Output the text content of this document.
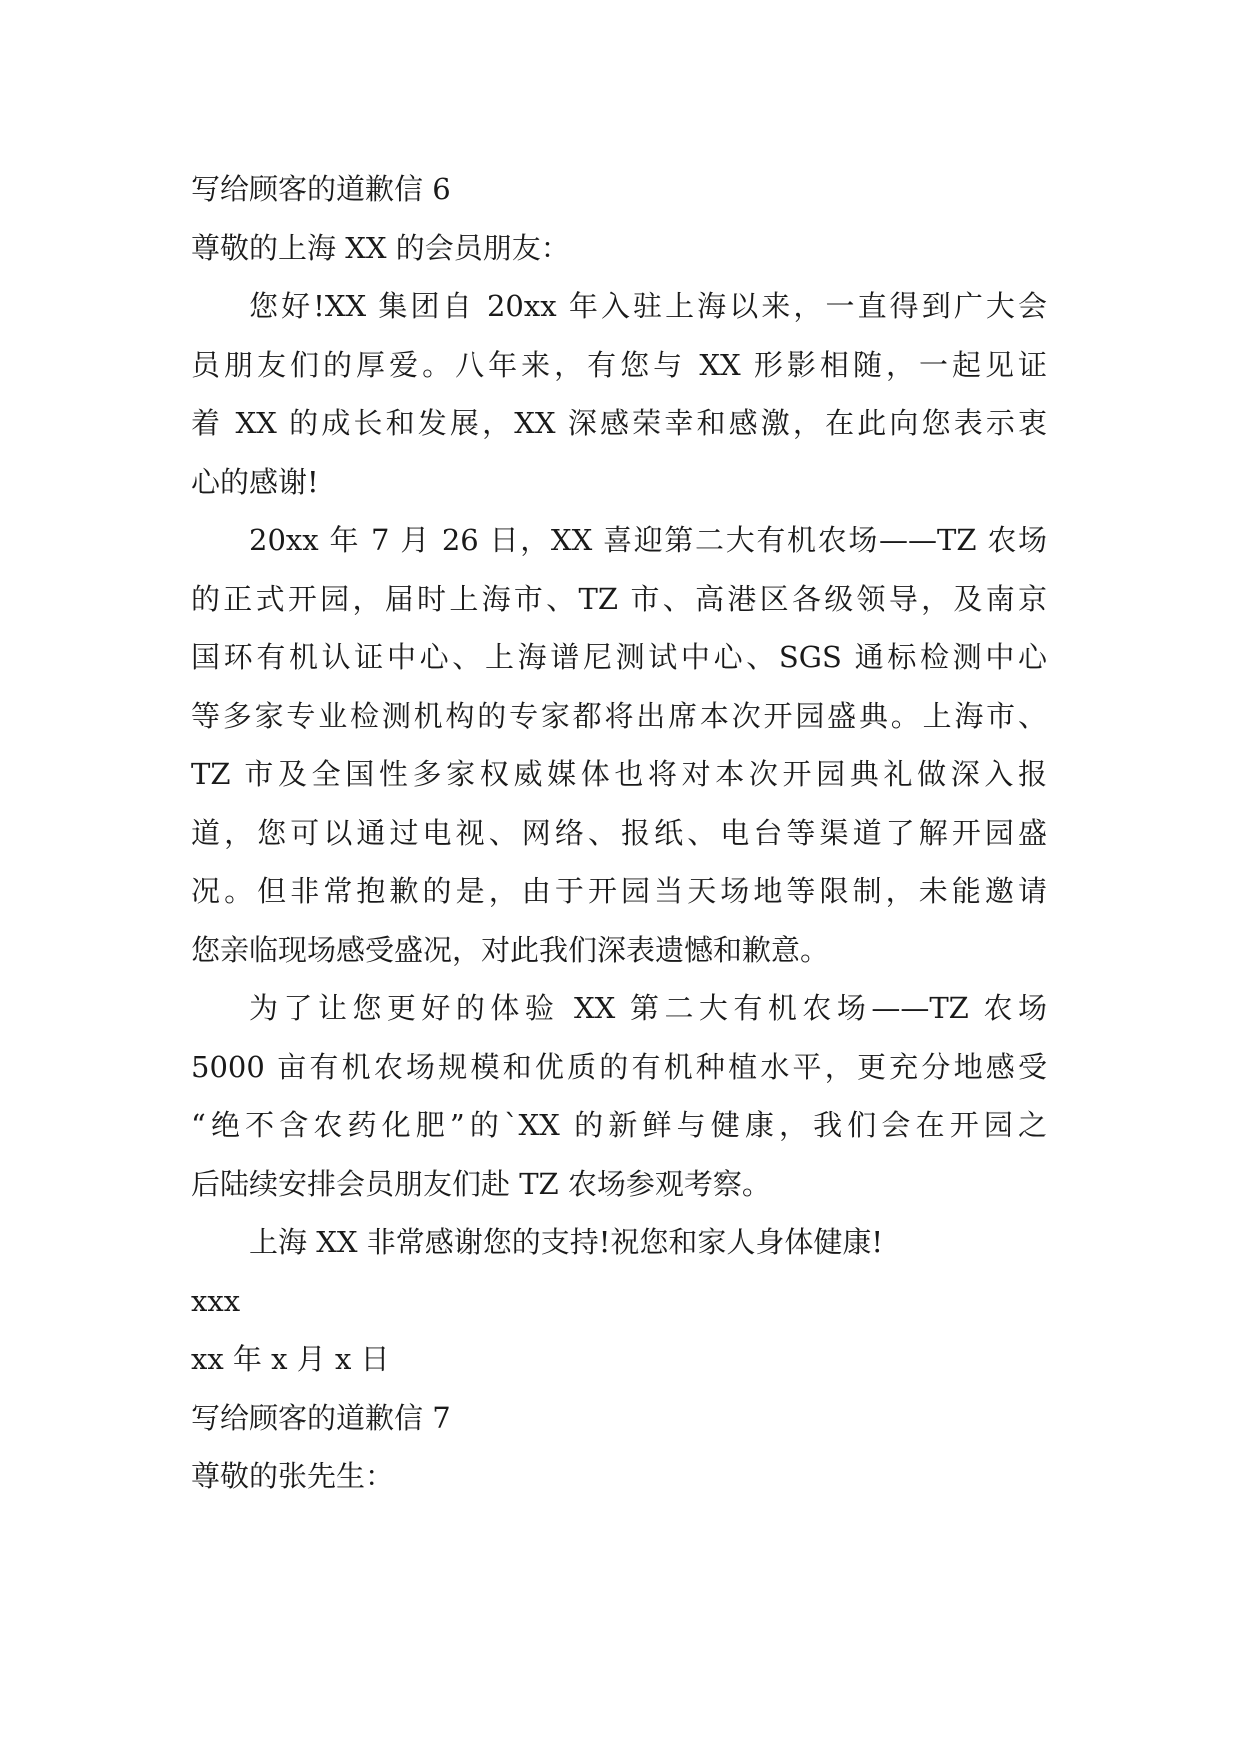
写给顾客的道歉信 6
尊敬的上海 XX 的会员朋友：
您好!XX 集团自 20xx 年入驻上海以来，一直得到广大会
员朋友们的厚爱。八年来，有您与 XX 形影相随，一起见证
着 XX 的成长和发展，XX 深感荣幸和感激，在此向您表示衷
心的感谢!
20xx 年 7 月 26 日，XX 喜迎第二大有机农场——TZ 农场
的正式开园，届时上海市、TZ 市、高港区各级领导，及南京
国环有机认证中心、上海谱尼测试中心、SGS 通标检测中心
等多家专业检测机构的专家都将出席本次开园盛典。上海市、
TZ 市及全国性多家权威媒体也将对本次开园典礼做深入报
道，您可以通过电视、网络、报纸、电台等渠道了解开园盛
况。但非常抱歉的是，由于开园当天场地等限制，未能邀请
您亲临现场感受盛况，对此我们深表遗憾和歉意。
为了让您更好的体验 XX 第二大有机农场——TZ 农场
5000 亩有机农场规模和优质的有机种植水平，更充分地感受
“绝不含农药化肥”的`XX 的新鲜与健康，我们会在开园之
后陆续安排会员朋友们赴 TZ 农场参观考察。
上海 XX 非常感谢您的支持!祝您和家人身体健康!
xxx
xx 年 x 月 x 日
写给顾客的道歉信 7
尊敬的张先生：
